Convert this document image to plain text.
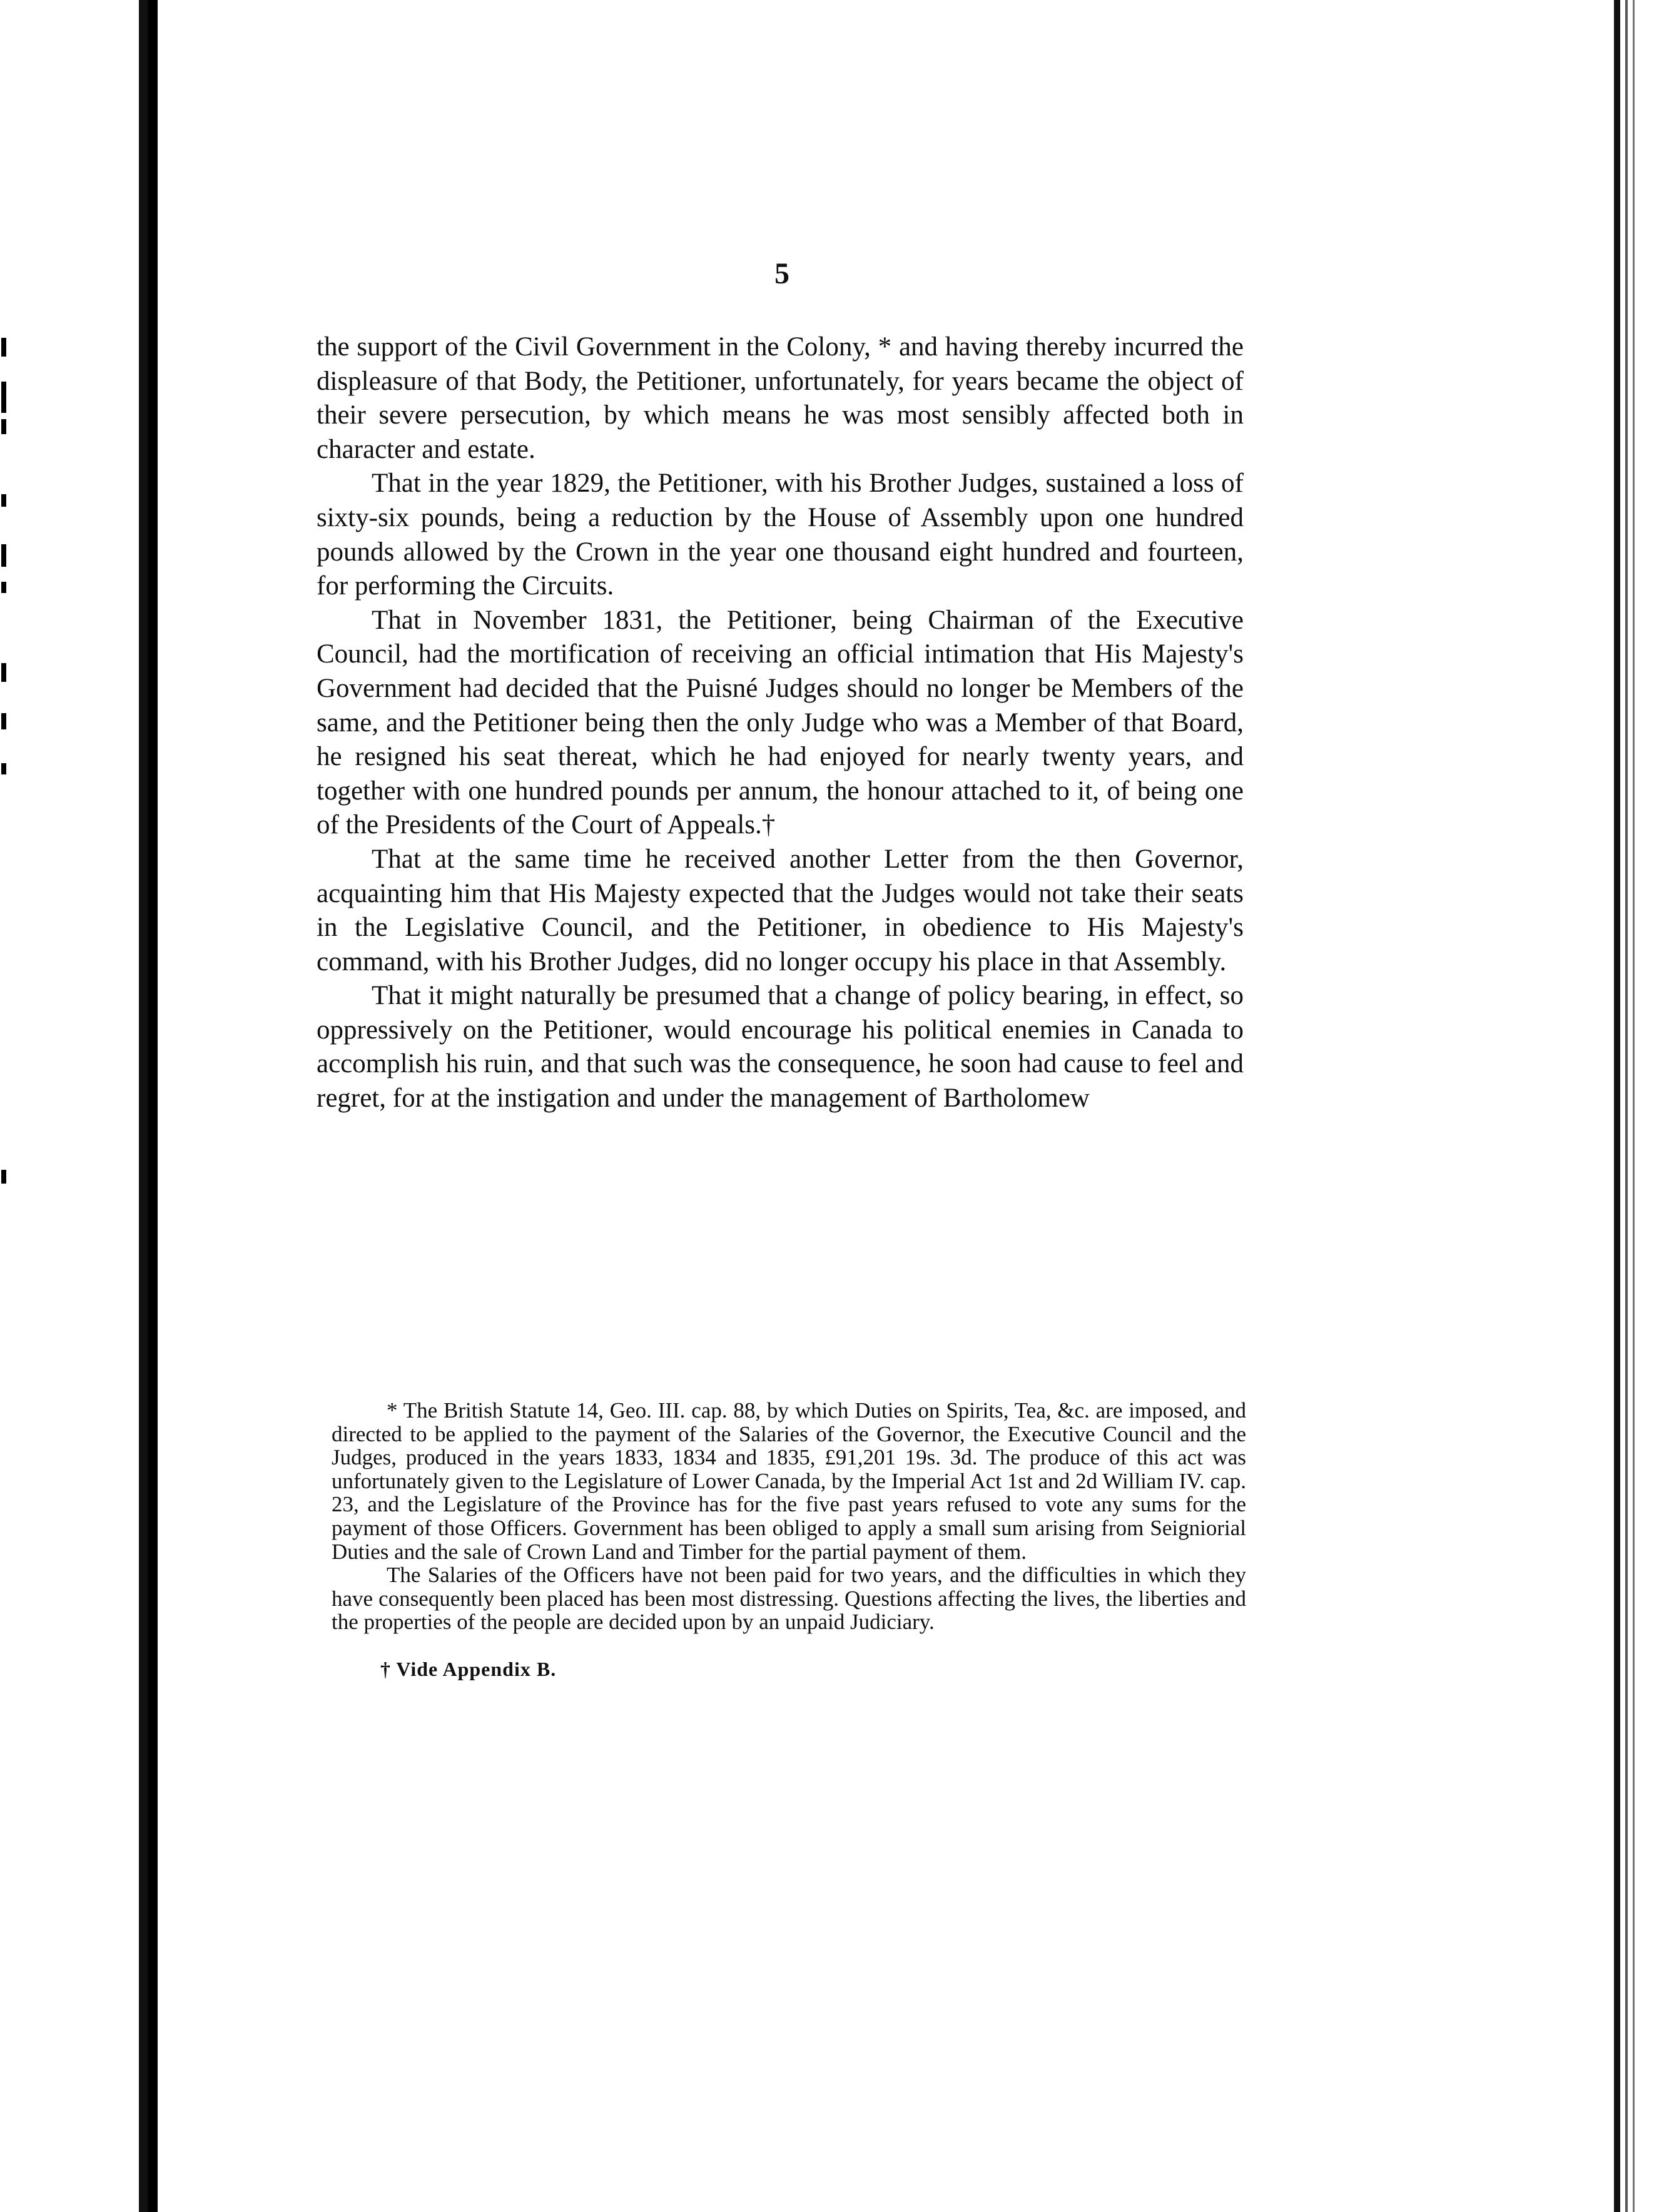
5

the support of the Civil Government in the Colony, * and having thereby incurred the displeasure of that Body, the Petitioner, unfortunately, for years became the object of their severe persecution, by which means he was most sensibly affected both in character and estate.

That in the year 1829, the Petitioner, with his Brother Judges, sustained a loss of sixty-six pounds, being a reduction by the House of Assembly upon one hundred pounds allowed by the Crown in the year one thousand eight hundred and fourteen, for performing the Circuits.

That in November 1831, the Petitioner, being Chairman of the Executive Council, had the mortification of receiving an official intimation that His Majesty's Government had decided that the Puisné Judges should no longer be Members of the same, and the Petitioner being then the only Judge who was a Member of that Board, he resigned his seat thereat, which he had enjoyed for nearly twenty years, and together with one hundred pounds per annum, the honour attached to it, of being one of the Presidents of the Court of Appeals.†

That at the same time he received another Letter from the then Governor, acquainting him that His Majesty expected that the Judges would not take their seats in the Legislative Council, and the Petitioner, in obedience to His Majesty's command, with his Brother Judges, did no longer occupy his place in that Assembly.

That it might naturally be presumed that a change of policy bearing, in effect, so oppressively on the Petitioner, would encourage his political enemies in Canada to accomplish his ruin, and that such was the consequence, he soon had cause to feel and regret, for at the instigation and under the management of Bartholomew

* The British Statute 14, Geo. III. cap. 88, by which Duties on Spirits, Tea, &c. are imposed, and directed to be applied to the payment of the Salaries of the Governor, the Executive Council and the Judges, produced in the years 1833, 1834 and 1835, £91,201 19s. 3d. The produce of this act was unfortunately given to the Legislature of Lower Canada, by the Imperial Act 1st and 2d William IV. cap. 23, and the Legislature of the Province has for the five past years refused to vote any sums for the payment of those Officers. Government has been obliged to apply a small sum arising from Seigniorial Duties and the sale of Crown Land and Timber for the partial payment of them.

The Salaries of the Officers have not been paid for two years, and the difficulties in which they have consequently been placed has been most distressing. Questions affecting the lives, the liberties and the properties of the people are decided upon by an unpaid Judiciary.

† Vide Appendix B.
